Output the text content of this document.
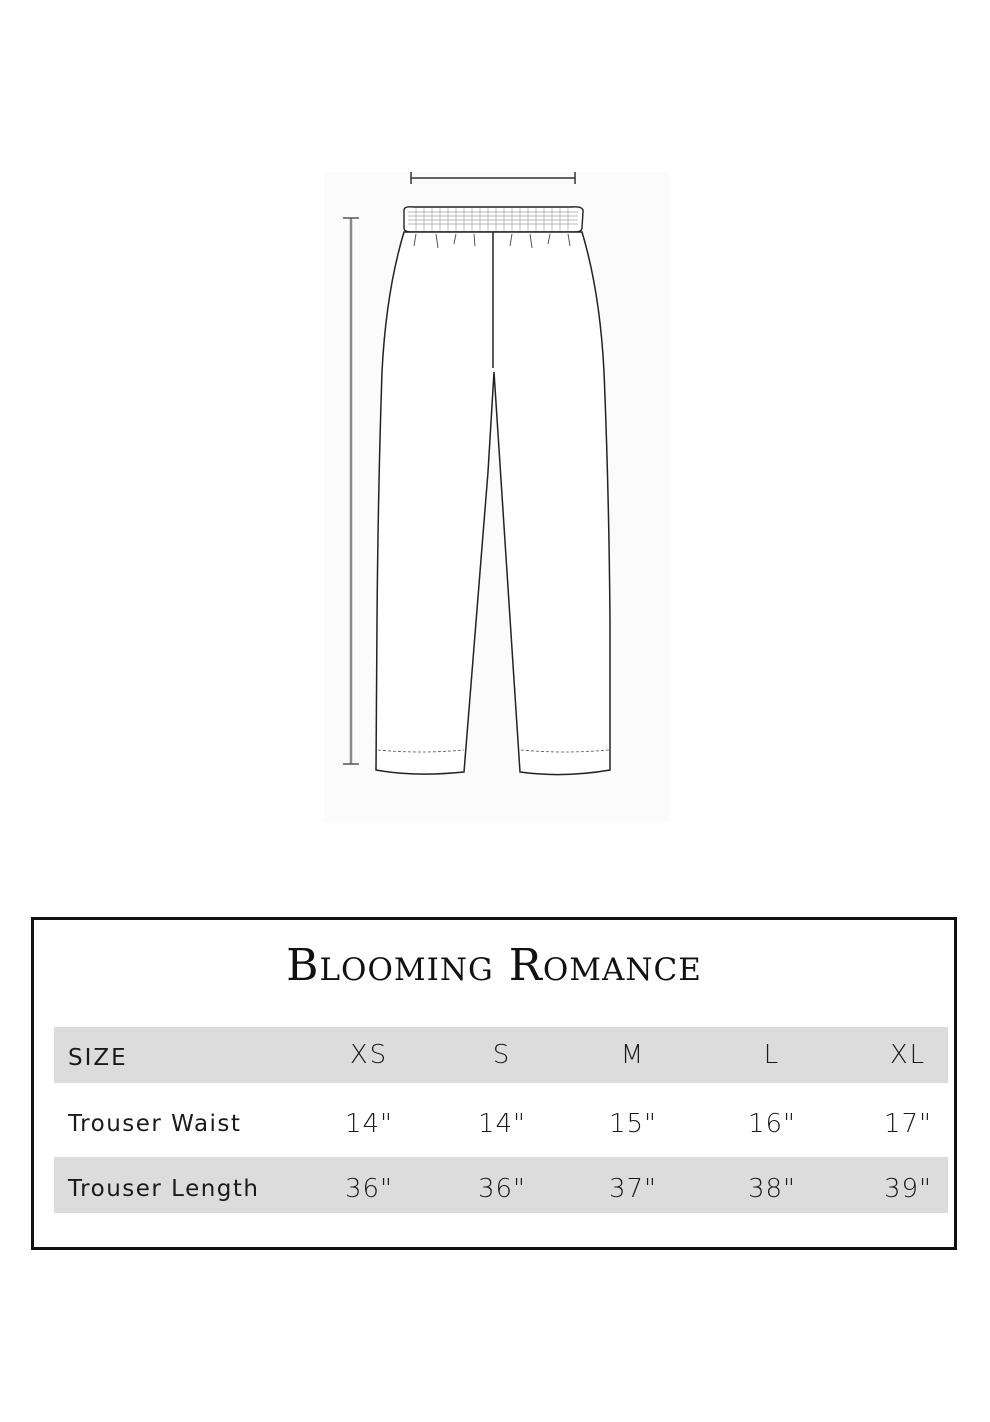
Blooming Romance
SIZE	XS	S	M	L	XL
Trouser Waist	14"	14"	15"	16"	17"
Trouser Length	36"	36"	37"	38"	39"
